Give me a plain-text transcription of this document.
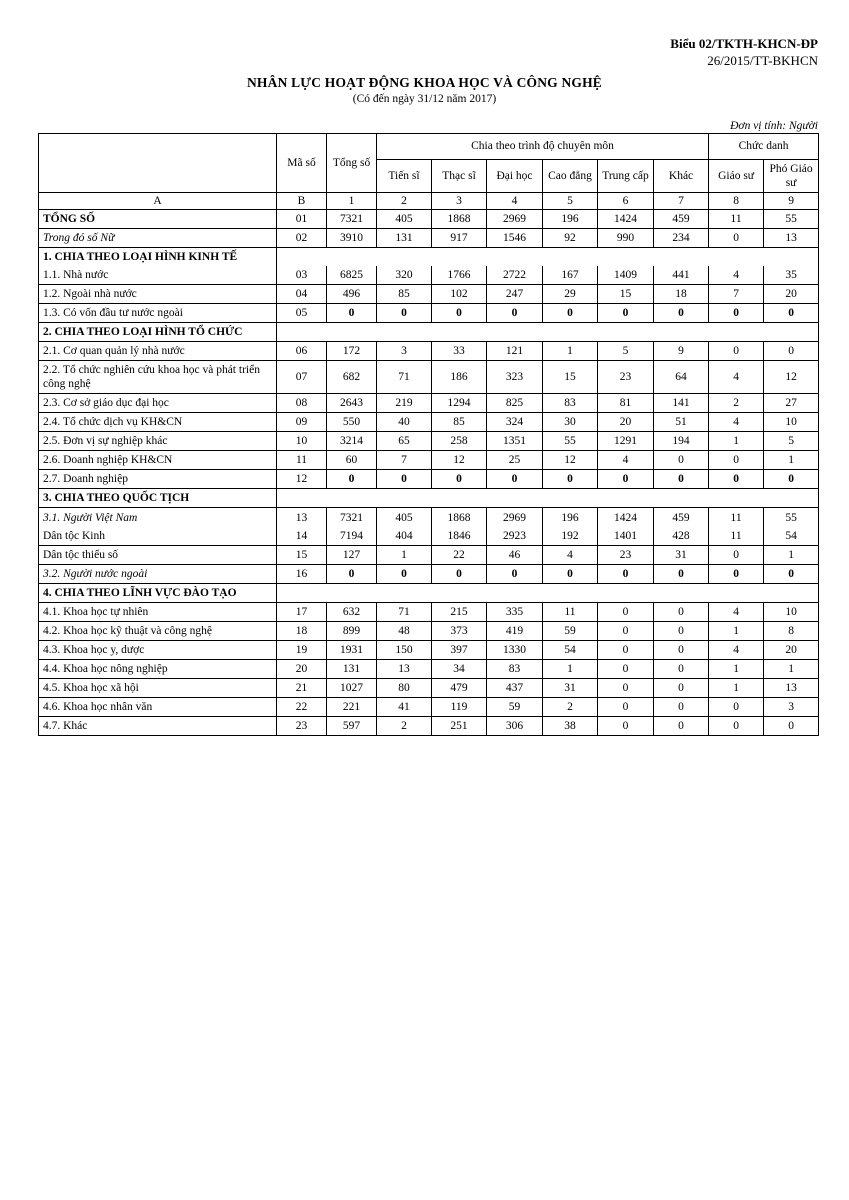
Biểu 02/TKTH-KHCN-ĐP
26/2015/TT-BKHCN
NHÂN LỰC HOẠT ĐỘNG KHOA HỌC VÀ CÔNG NGHỆ
(Có đến ngày 31/12 năm 2017)
Đơn vị tính: Người
	Mã số	Tổng số	Chia theo trình độ chuyên môn						Chức danh	
			Tiến sĩ	Thạc sĩ	Đại học	Cao đẳng	Trung cấp	Khác	Giáo sư	Phó Giáo sư
A	B	1	2	3	4	5	6	7	8	9
TỔNG SỐ	01	7321	405	1868	2969	196	1424	459	11	55
Trong đó số Nữ	02	3910	131	917	1546	92	990	234	0	13
1. CHIA THEO LOẠI HÌNH KINH TẾ										
1.1. Nhà nước	03	6825	320	1766	2722	167	1409	441	4	35
1.2. Ngoài nhà nước	04	496	85	102	247	29	15	18	7	20
1.3. Có vốn đầu tư nước ngoài	05	0	0	0	0	0	0	0	0	0
2. CHIA THEO LOẠI HÌNH TỔ CHỨC										
2.1. Cơ quan quản lý nhà nước	06	172	3	33	121	1	5	9	0	0
2.2. Tổ chức nghiên cứu khoa học và phát triển công nghệ	07	682	71	186	323	15	23	64	4	12
2.3. Cơ sở giáo dục đại học	08	2643	219	1294	825	83	81	141	2	27
2.4. Tổ chức dịch vụ KH&CN	09	550	40	85	324	30	20	51	4	10
2.5. Đơn vị sự nghiệp khác	10	3214	65	258	1351	55	1291	194	1	5
2.6. Doanh nghiệp KH&CN	11	60	7	12	25	12	4	0	0	1
2.7. Doanh nghiệp	12	0	0	0	0	0	0	0	0	0
3. CHIA THEO QUỐC TỊCH										
3.1. Người Việt Nam	13	7321	405	1868	2969	196	1424	459	11	55
Dân tộc Kinh	14	7194	404	1846	2923	192	1401	428	11	54
Dân tộc thiểu số	15	127	1	22	46	4	23	31	0	1
3.2. Người nước ngoài	16	0	0	0	0	0	0	0	0	0
4. CHIA THEO LĨNH VỰC ĐÀO TẠO										
4.1. Khoa học tự nhiên	17	632	71	215	335	11	0	0	4	10
4.2. Khoa học kỹ thuật và công nghệ	18	899	48	373	419	59	0	0	1	8
4.3. Khoa học y, dược	19	1931	150	397	1330	54	0	0	4	20
4.4. Khoa học nông nghiệp	20	131	13	34	83	1	0	0	1	1
4.5. Khoa học xã hội	21	1027	80	479	437	31	0	0	1	13
4.6. Khoa học nhân văn	22	221	41	119	59	2	0	0	0	3
4.7. Khác	23	597	2	251	306	38	0	0	0	0
